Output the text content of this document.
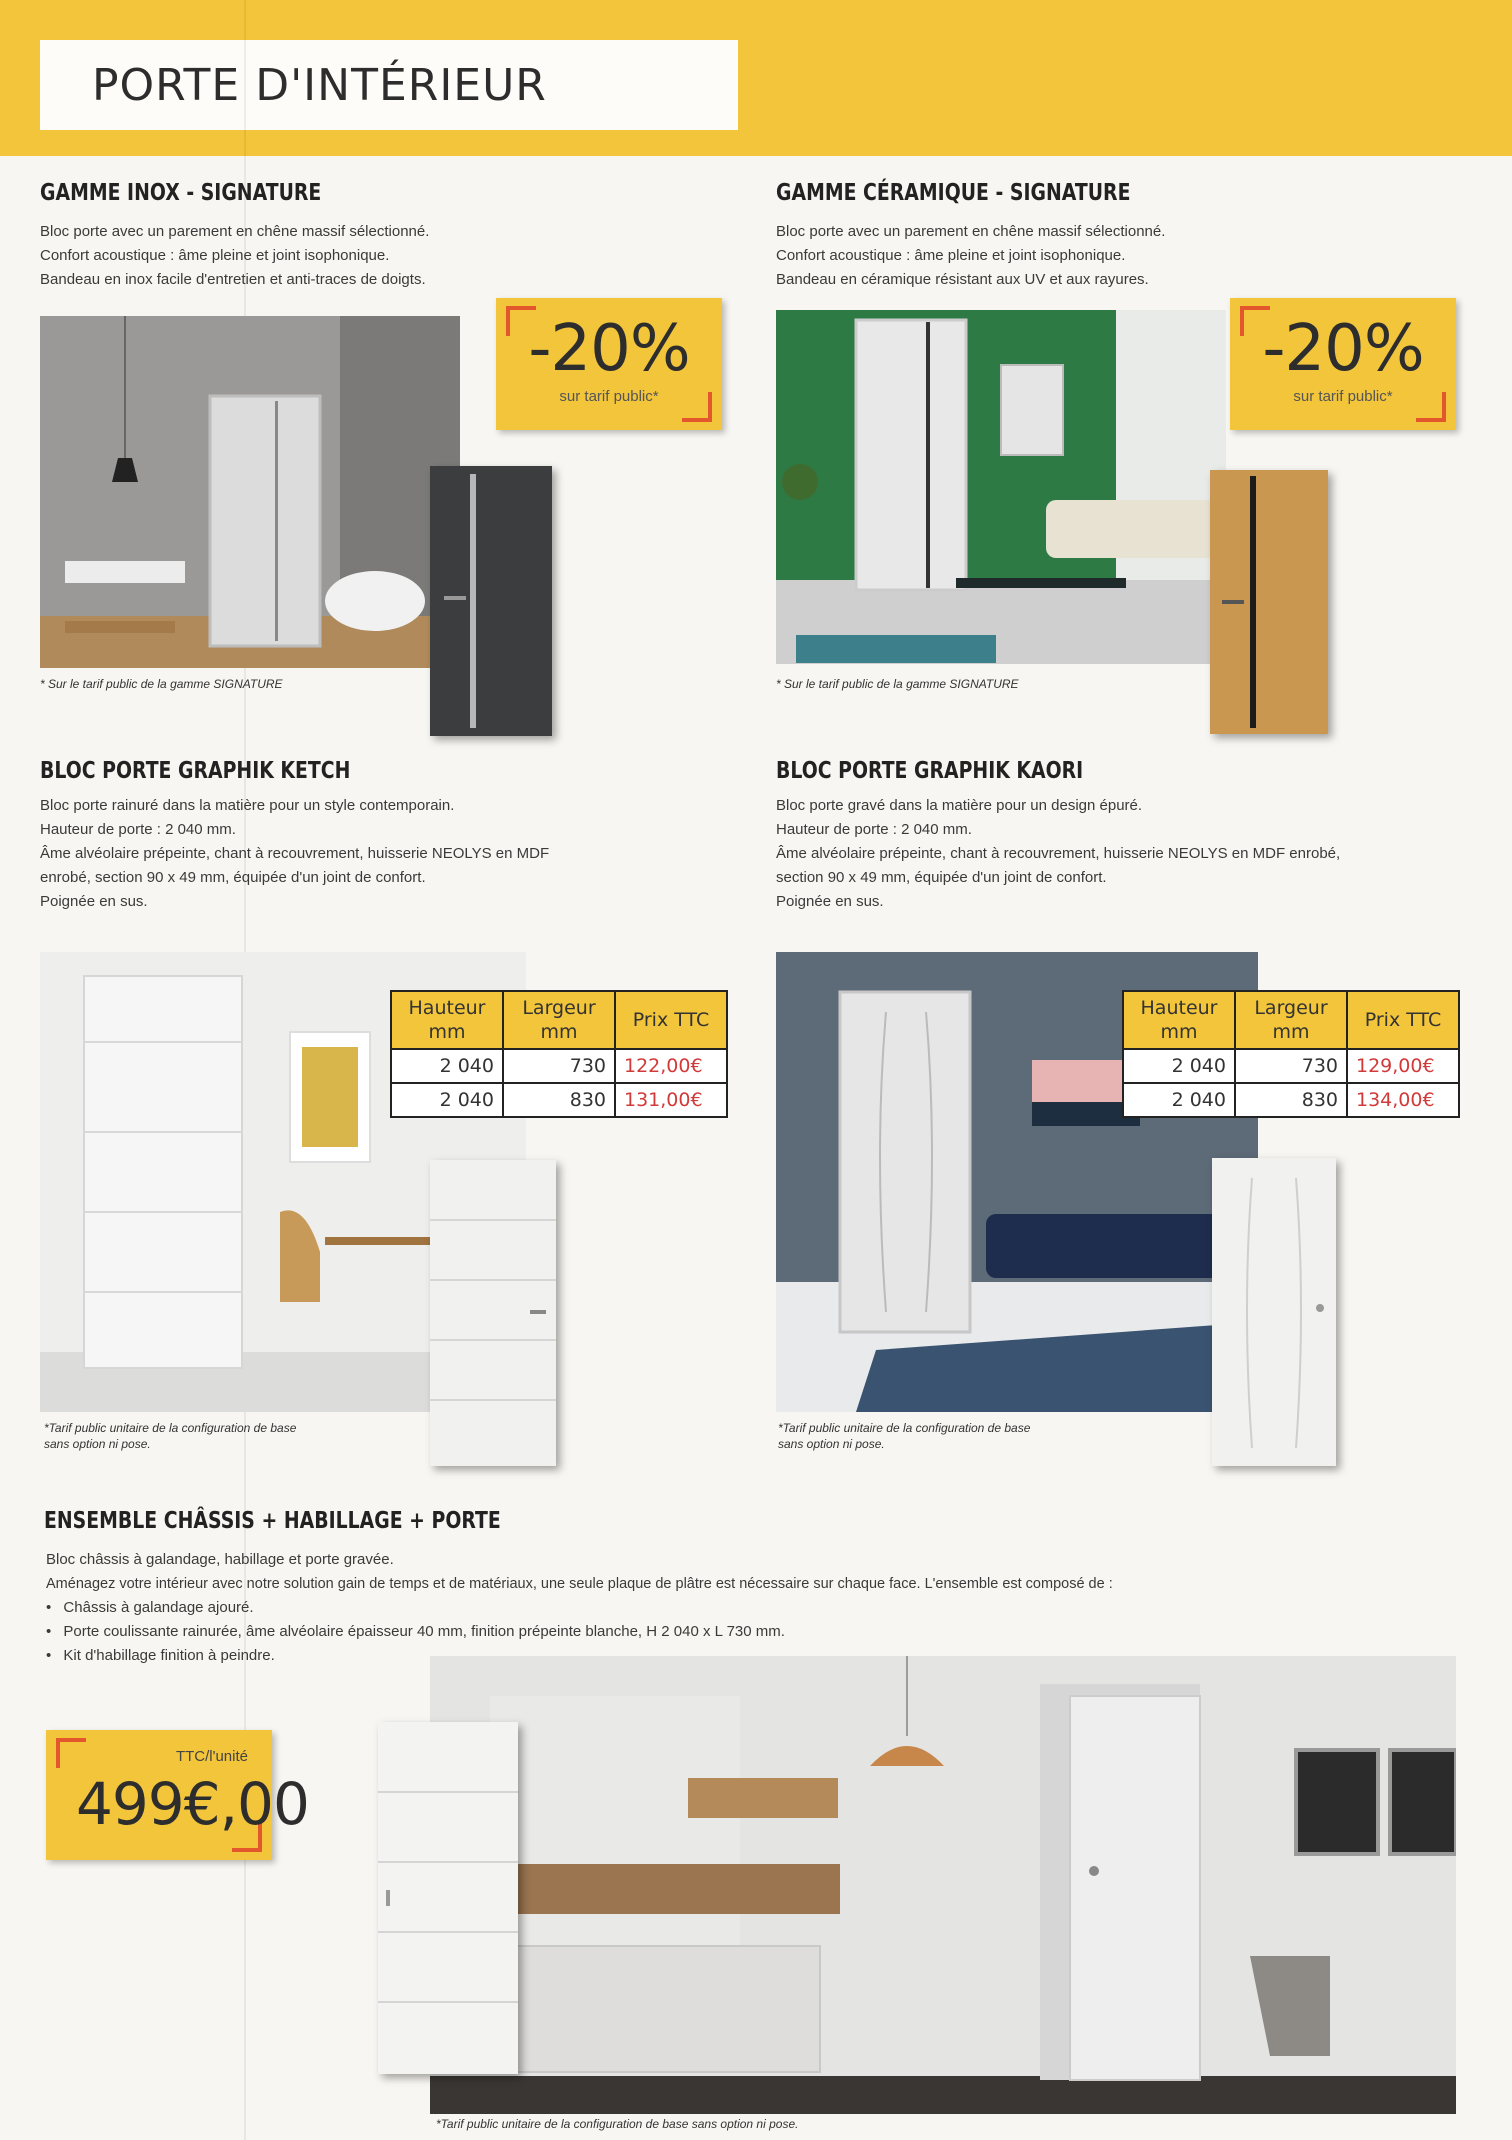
PORTE D'INTÉRIEUR
GAMME INOX - SIGNATURE

Bloc porte avec un parement en chêne massif sélectionné.

Confort acoustique : âme pleine et joint isophonique.

Bandeau en inox facile d'entretien et anti-traces de doigts.

-20%
sur tarif public*
* Sur le tarif public de la gamme SIGNATURE
GAMME CÉRAMIQUE - SIGNATURE

Bloc porte avec un parement en chêne massif sélectionné.

Confort acoustique : âme pleine et joint isophonique.

Bandeau en céramique résistant aux UV et aux rayures.

-20%
sur tarif public*
* Sur le tarif public de la gamme SIGNATURE
BLOC PORTE GRAPHIK KETCH

Bloc porte rainuré dans la matière pour un style contemporain.

Hauteur de porte : 2 040 mm.

Âme alvéolaire prépeinte, chant à recouvrement, huisserie NEOLYS en MDF

enrobé, section 90 x 49 mm, équipée d'un joint de confort.

Poignée en sus.

Hauteur mm	Largeur mm	Prix TTC
2 040	730	122,00€
2 040	830	131,00€
*Tarif public unitaire de la configuration de base
sans option ni pose.
BLOC PORTE GRAPHIK KAORI

Bloc porte gravé dans la matière pour un design épuré.

Hauteur de porte : 2 040 mm.

Âme alvéolaire prépeinte, chant à recouvrement, huisserie NEOLYS en MDF enrobé,

section 90 x 49 mm, équipée d'un joint de confort.

Poignée en sus.

Hauteur mm	Largeur mm	Prix TTC
2 040	730	129,00€
2 040	830	134,00€
*Tarif public unitaire de la configuration de base
sans option ni pose.
ENSEMBLE CHÂSSIS + HABILLAGE + PORTE

Bloc châssis à galandage, habillage et porte gravée.

Aménagez votre intérieur avec notre solution gain de temps et de matériaux, une seule plaque de plâtre est nécessaire sur chaque face. L'ensemble est composé de :

• Châssis à galandage ajouré.
• Porte coulissante rainurée, âme alvéolaire épaisseur 40 mm, finition prépeinte blanche, H 2 040 x L 730 mm.
• Kit d'habillage finition à peindre.
TTC/l'unité
499€,00
*Tarif public unitaire de la configuration de base sans option ni pose.
